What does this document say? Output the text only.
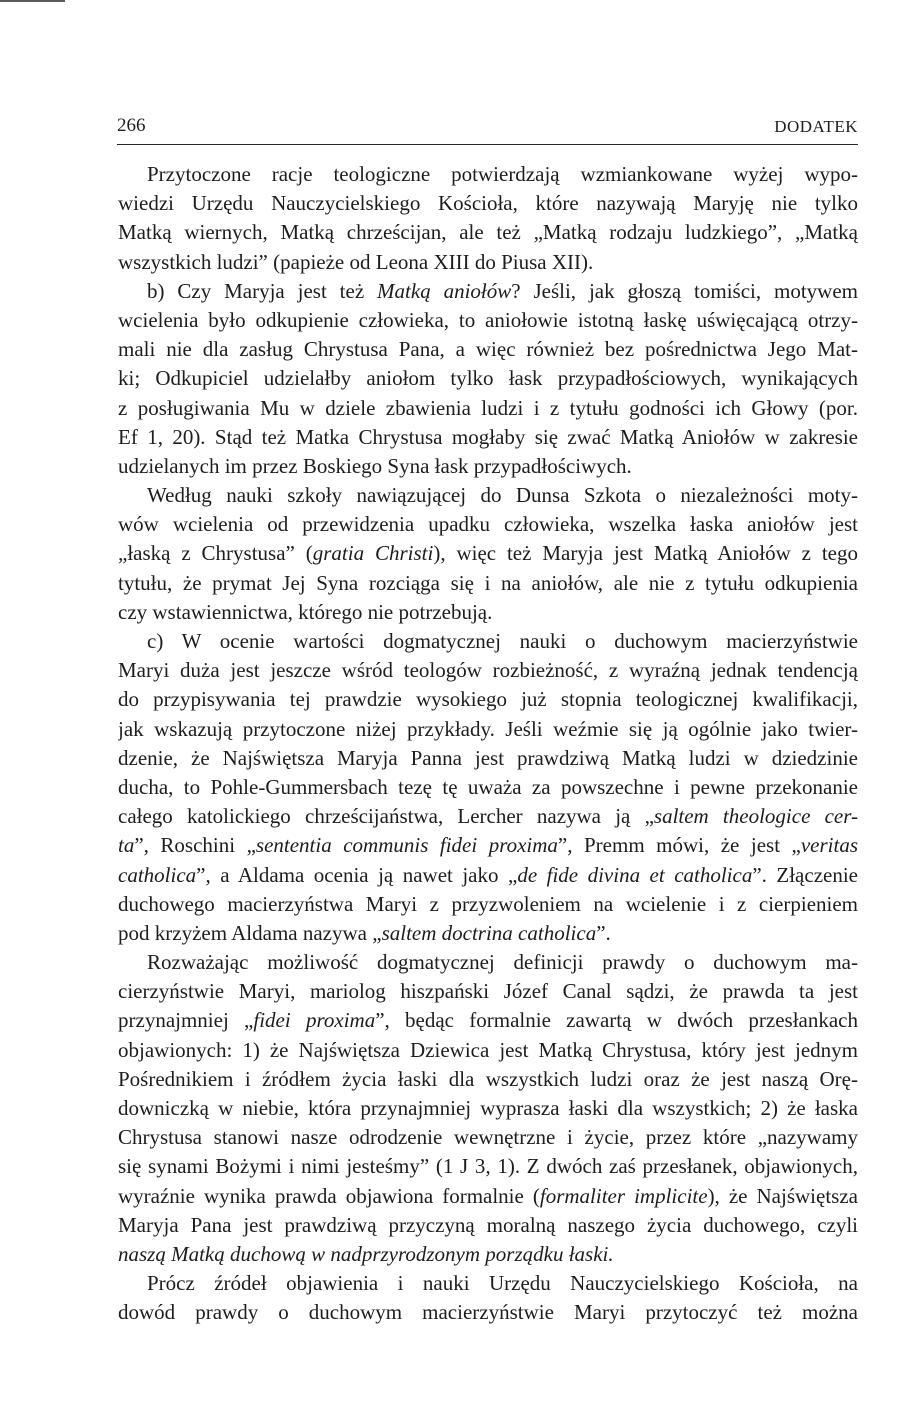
266	DODATEK
Przytoczone racje teologiczne potwierdzają wzmiankowane wyżej wypo-
wiedzi Urzędu Nauczycielskiego Kościoła, które nazywają Maryję nie tylko
Matką wiernych, Matką chrześcijan, ale też „Matką rodzaju ludzkiego”, „Matką
wszystkich ludzi” (papieże od Leona XIII do Piusa XII).
b) Czy Maryja jest też Matką aniołów? Jeśli, jak głoszą tomiści, motywem
wcielenia było odkupienie człowieka, to aniołowie istotną łaskę uświęcającą otrzy-
mali nie dla zasług Chrystusa Pana, a więc również bez pośrednictwa Jego Mat-
ki; Odkupiciel udzielałby aniołom tylko łask przypadłościowych, wynikających
z posługiwania Mu w dziele zbawienia ludzi i z tytułu godności ich Głowy (por.
Ef 1, 20). Stąd też Matka Chrystusa mogłaby się zwać Matką Aniołów w zakresie
udzielanych im przez Boskiego Syna łask przypadłościwych.
Według nauki szkoły nawiązującej do Dunsa Szkota o niezależności moty-
wów wcielenia od przewidzenia upadku człowieka, wszelka łaska aniołów jest
„łaską z Chrystusa” (gratia Christi), więc też Maryja jest Matką Aniołów z tego
tytułu, że prymat Jej Syna rozciąga się i na aniołów, ale nie z tytułu odkupienia
czy wstawiennictwa, którego nie potrzebują.
c) W ocenie wartości dogmatycznej nauki o duchowym macierzyństwie
Maryi duża jest jeszcze wśród teologów rozbieżność, z wyraźną jednak tendencją
do przypisywania tej prawdzie wysokiego już stopnia teologicznej kwalifikacji,
jak wskazują przytoczone niżej przykłady. Jeśli weźmie się ją ogólnie jako twier-
dzenie, że Najświętsza Maryja Panna jest prawdziwą Matką ludzi w dziedzinie
ducha, to Pohle-Gummersbach tezę tę uważa za powszechne i pewne przekonanie
całego katolickiego chrześcijaństwa, Lercher nazywa ją „saltem theologice cer-
ta”, Roschini „sententia communis fidei proxima”, Premm mówi, że jest „veritas
catholica”, a Aldama ocenia ją nawet jako „de fide divina et catholica”. Złączenie
duchowego macierzyństwa Maryi z przyzwoleniem na wcielenie i z cierpieniem
pod krzyżem Aldama nazywa „saltem doctrina catholica”.
Rozważając możliwość dogmatycznej definicji prawdy o duchowym ma-
cierzyństwie Maryi, mariolog hiszpański Józef Canal sądzi, że prawda ta jest
przynajmniej „fidei proxima”, będąc formalnie zawartą w dwóch przesłankach
objawionych: 1) że Najświętsza Dziewica jest Matką Chrystusa, który jest jednym
Pośrednikiem i źródłem życia łaski dla wszystkich ludzi oraz że jest naszą Orę-
downiczką w niebie, która przynajmniej wyprasza łaski dla wszystkich; 2) że łaska
Chrystusa stanowi nasze odrodzenie wewnętrzne i życie, przez które „nazywamy
się synami Bożymi i nimi jesteśmy” (1 J 3, 1). Z dwóch zaś przesłanek, objawionych,
wyraźnie wynika prawda objawiona formalnie (formaliter implicite), że Najświętsza
Maryja Pana jest prawdziwą przyczyną moralną naszego życia duchowego, czyli
naszą Matką duchową w nadprzyrodzonym porządku łaski.
Prócz źródeł objawienia i nauki Urzędu Nauczycielskiego Kościoła, na
dowód prawdy o duchowym macierzyństwie Maryi przytoczyć też można
